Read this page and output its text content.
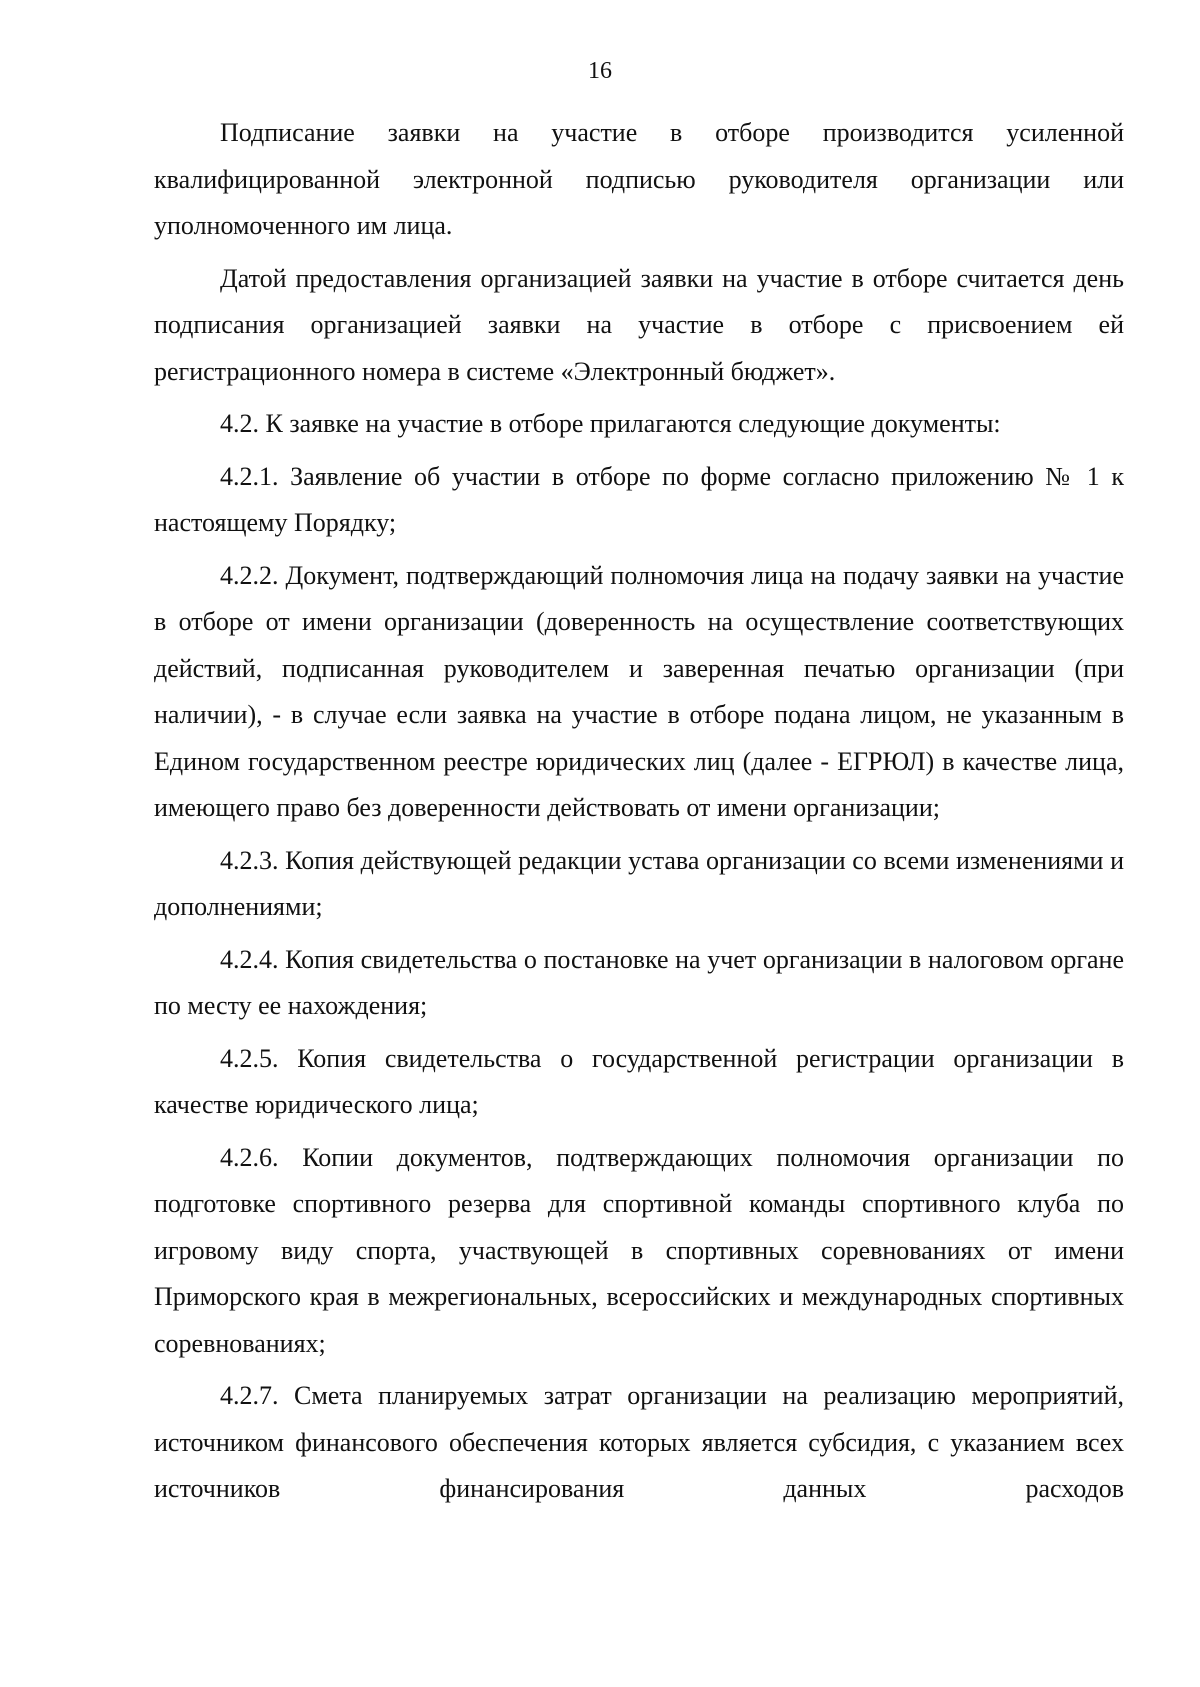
16

Подписание заявки на участие в отборе производится усиленной квалифицированной электронной подписью руководителя организации или уполномоченного им лица.

Датой предоставления организацией заявки на участие в отборе считается день подписания организацией заявки на участие в отборе с присвоением ей регистрационного номера в системе «Электронный бюджет».

4.2. К заявке на участие в отборе прилагаются следующие документы:

4.2.1. Заявление об участии в отборе по форме согласно приложению № 1 к настоящему Порядку;

4.2.2. Документ, подтверждающий полномочия лица на подачу заявки на участие в отборе от имени организации (доверенность на осуществление соответствующих действий, подписанная руководителем и заверенная печатью организации (при наличии), - в случае если заявка на участие в отборе подана лицом, не указанным в Едином государственном реестре юридических лиц (далее - ЕГРЮЛ) в качестве лица, имеющего право без доверенности действовать от имени организации;

4.2.3. Копия действующей редакции устава организации со всеми изменениями и дополнениями;

4.2.4. Копия свидетельства о постановке на учет организации в налоговом органе по месту ее нахождения;

4.2.5. Копия свидетельства о государственной регистрации организации в качестве юридического лица;

4.2.6. Копии документов, подтверждающих полномочия организации по подготовке спортивного резерва для спортивной команды спортивного клуба по игровому виду спорта, участвующей в спортивных соревнованиях от имени Приморского края в межрегиональных, всероссийских и международных спортивных соревнованиях;

4.2.7. Смета планируемых затрат организации на реализацию мероприятий, источником финансового обеспечения которых является субсидия, с указанием всех источников финансирования данных расходов
